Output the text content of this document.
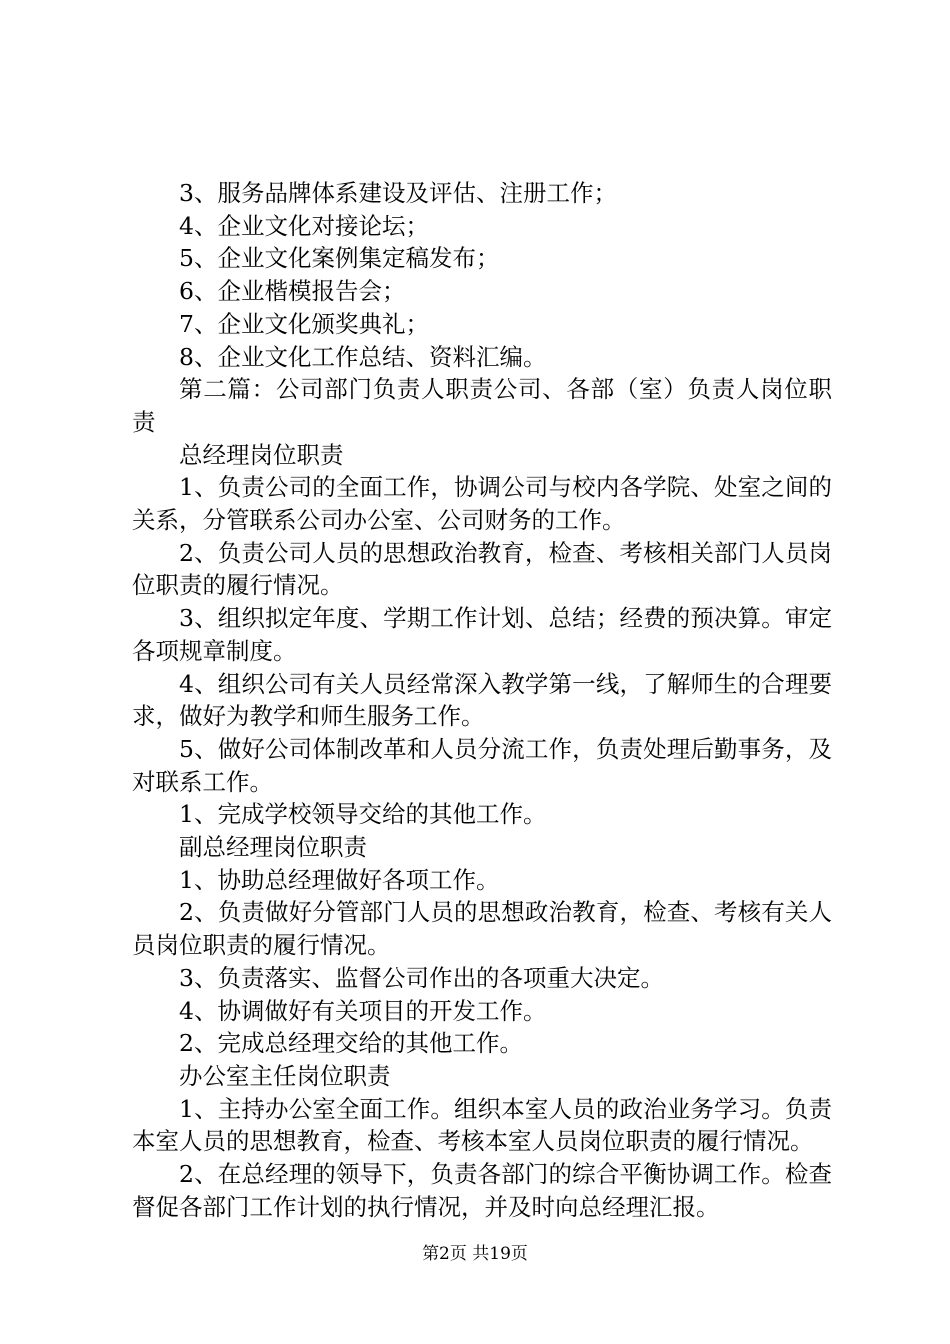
3、服务品牌体系建设及评估、注册工作；

4、企业文化对接论坛；

5、企业文化案例集定稿发布；

6、企业楷模报告会；

7、企业文化颁奖典礼；

8、企业文化工作总结、资料汇编。

第二篇：公司部门负责人职责公司、各部（室）负责人岗位职责

总经理岗位职责

1、负责公司的全面工作，协调公司与校内各学院、处室之间的关系，分管联系公司办公室、公司财务的工作。

2、负责公司人员的思想政治教育，检查、考核相关部门人员岗位职责的履行情况。

3、组织拟定年度、学期工作计划、总结；经费的预决算。审定各项规章制度。

4、组织公司有关人员经常深入教学第一线，了解师生的合理要求，做好为教学和师生服务工作。

5、做好公司体制改革和人员分流工作，负责处理后勤事务，及对联系工作。

1、完成学校领导交给的其他工作。

副总经理岗位职责

1、协助总经理做好各项工作。

2、负责做好分管部门人员的思想政治教育，检查、考核有关人员岗位职责的履行情况。

3、负责落实、监督公司作出的各项重大决定。

4、协调做好有关项目的开发工作。

2、完成总经理交给的其他工作。

办公室主任岗位职责

1、主持办公室全面工作。组织本室人员的政治业务学习。负责本室人员的思想教育，检查、考核本室人员岗位职责的履行情况。

2、在总经理的领导下，负责各部门的综合平衡协调工作。检查督促各部门工作计划的执行情况，并及时向总经理汇报。

第2页 共19页
